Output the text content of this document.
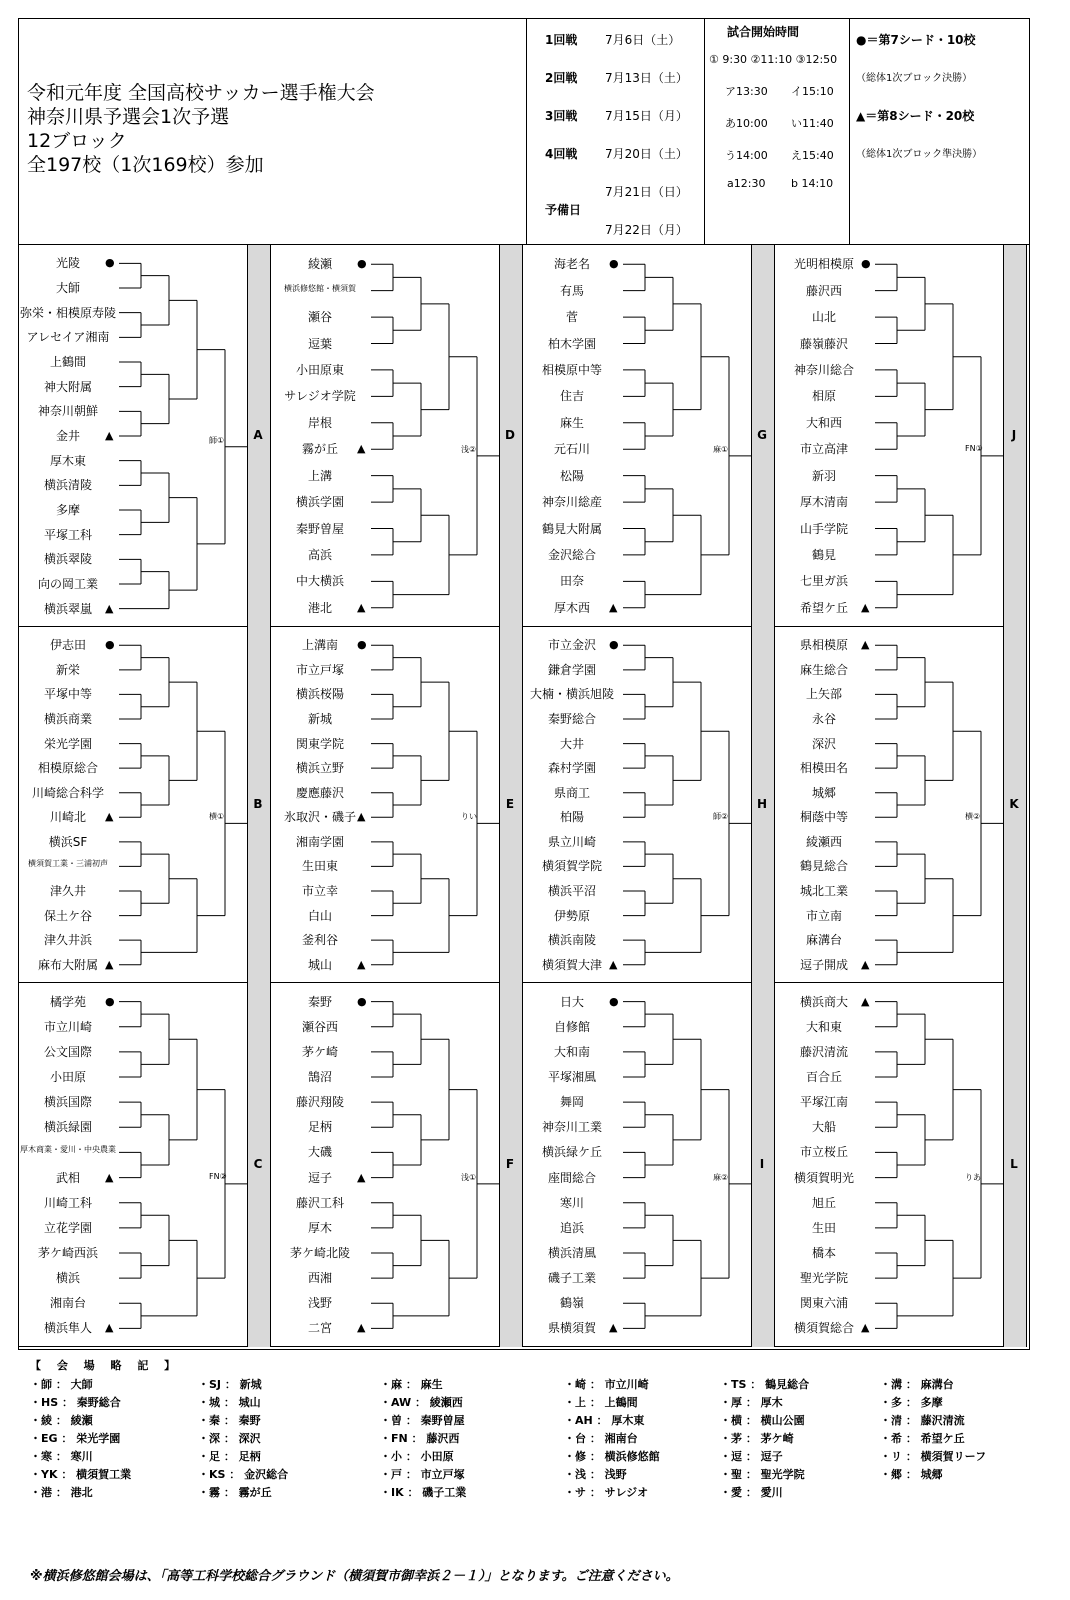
令和元年度 全国高校サッカー選手権大会
神奈川県予選会1次予選
12ブロック
全197校（1次169校）参加
1回戦 7月6日（土）
2回戦 7月13日（土）
3回戦 7月15日（月）
4回戦 7月20日（土）
7月21日（日）
予備日
7月22日（月）
試合開始時間
① 9:30 ②11:10 ③12:50
ア13:30 イ15:10
あ10:00 い11:40
う14:00 え15:40
a12:30 b 14:10
●＝第7シード・10校
（総体1次ブロック決勝）
▲＝第8シード・20校
（総体1次ブロック準決勝）
A
光陵	●
大師
弥栄・相模原寿陵
アレセイア湘南
上鶴間
神大附属
神奈川朝鮮
金井	▲
厚木東
横浜清陵
多摩
平塚工科
横浜翠陵
向の岡工業
横浜翠嵐	▲
師①
B
伊志田	●
新栄
平塚中等
横浜商業
栄光学園
相模原総合
川崎総合科学
川崎北	▲
横浜SF
横須賀工業・三浦初声
津久井
保土ケ谷
津久井浜
麻布大附属 ▲
横①
C
橘学苑	●
市立川崎
公文国際
小田原
横浜国際
横浜緑園
厚木商業・愛川・中央農業
武相	▲
川崎工科
立花学園
茅ケ崎西浜
横浜
湘南台
横浜隼人	▲
FN②
D
綾瀬	●
横浜修悠館・横須賀
瀬谷
逗葉
小田原東
サレジオ学院
岸根
霧が丘	▲
上溝
横浜学園
秦野曽屋
高浜
中大横浜
港北	▲
浅②
E
上溝南	●
市立戸塚
横浜桜陽
新城
関東学院
横浜立野
慶應藤沢
氷取沢・磯子 ▲
湘南学園
生田東
市立幸
白山
釜利谷
城山	▲
りい
F
秦野	●
瀬谷西
茅ケ崎
鵠沼
藤沢翔陵
足柄
大磯
逗子	▲
藤沢工科
厚木
茅ケ崎北陵
西湘
浅野
二宮	▲
浅①
G
海老名	●
有馬
菅
柏木学園
相模原中等
住吉
麻生
元石川
松陽
神奈川総産
鶴見大附属
金沢総合
田奈
厚木西	▲
麻①
H
市立金沢	●
鎌倉学園
大楠・横浜旭陵
秦野総合
大井
森村学園
県商工
柏陽
県立川崎
横須賀学院
横浜平沼
伊勢原
横浜南陵
横須賀大津 ▲
師②
I
日大	●
自修館
大和南
平塚湘風
舞岡
神奈川工業
横浜緑ケ丘
座間総合
寒川
追浜
横浜清風
磯子工業
鶴嶺
県横須賀	▲
麻②
J
光明相模原 ●
藤沢西
山北
藤嶺藤沢
神奈川総合
相原
大和西
市立高津
新羽
厚木清南
山手学院
鶴見
七里ガ浜
希望ケ丘	▲
FN①
K
県相模原	▲
麻生総合
上矢部
永谷
深沢
相模田名
城郷
桐蔭中等
綾瀬西
鶴見総合
城北工業
市立南
麻溝台
逗子開成	▲
横②
L
横浜商大	▲
大和東
藤沢清流
百合丘
平塚江南
大船
市立桜丘
横須賀明光
旭丘
生田
橋本
聖光学院
関東六浦
横須賀総合 ▲
りあ
【 会 場 略 記 】
・師 ： 大師
・HS ： 秦野総合
・綾 ： 綾瀬
・EG ： 栄光学園
・寒 ： 寒川
・YK ： 横須賀工業
・港 ： 港北
・SJ ： 新城
・城 ： 城山
・秦 ： 秦野
・深 ： 深沢
・足 ： 足柄
・KS ： 金沢総合
・霧 ： 霧が丘
・麻 ： 麻生
・AW ： 綾瀬西
・曽 ： 秦野曽屋
・FN ： 藤沢西
・小 ： 小田原
・戸 ： 市立戸塚
・IK ： 磯子工業
・崎 ： 市立川崎
・上 ： 上鶴間
・AH ： 厚木東
・台 ： 湘南台
・修 ： 横浜修悠館
・浅 ： 浅野
・サ ： サレジオ
・TS ： 鶴見総合
・厚 ： 厚木
・横 ： 横山公園
・茅 ： 茅ケ崎
・逗 ： 逗子
・聖 ： 聖光学院
・愛 ： 愛川
・溝 ： 麻溝台
・多 ： 多摩
・清 ： 藤沢清流
・希 ： 希望ケ丘
・リ ： 横須賀リーフ
・郷 ： 城郷
※横浜修悠館会場は、「高等工科学校総合グラウンド（横須賀市御幸浜２－１）」となります。ご注意ください。
